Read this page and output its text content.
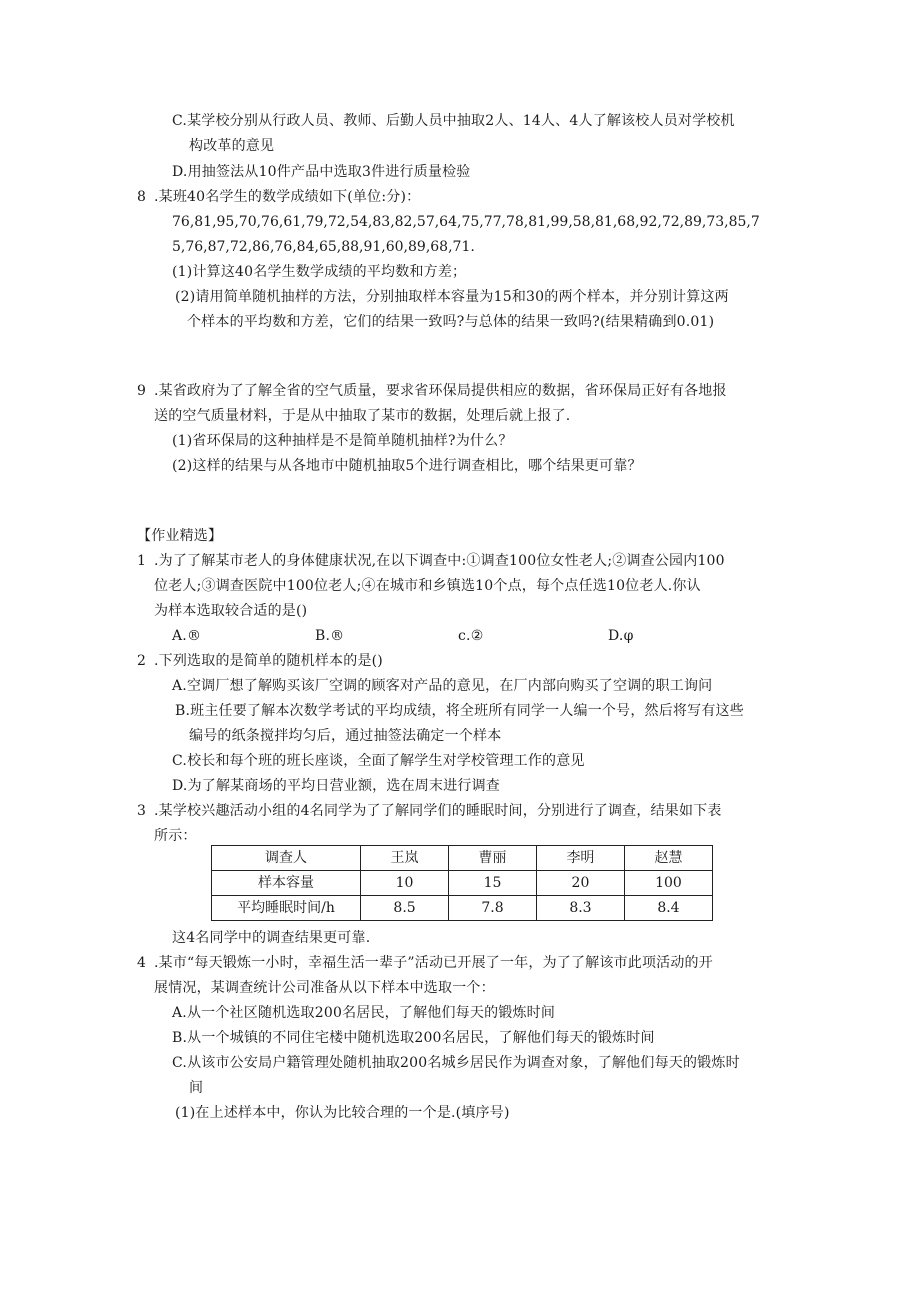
C.某学校分别从行政人员、教师、后勤人员中抽取2人、14人、4人了解该校人员对学校机
构改革的意见
D.用抽签法从10件产品中选取3件进行质量检验
8 .某班40名学生的数学成绩如下(单位:分)：
76,81,95,70,76,61,79,72,54,83,82,57,64,75,77,78,81,99,58,81,68,92,72,89,73,85,7
5,76,87,72,86,76,84,65,88,91,60,89,68,71.
(1)计算这40名学生数学成绩的平均数和方差；
(2)请用简单随机抽样的方法，分别抽取样本容量为15和30的两个样本，并分别计算这两
个样本的平均数和方差，它们的结果一致吗?与总体的结果一致吗?(结果精确到0.01)
9 .某省政府为了了解全省的空气质量，要求省环保局提供相应的数据，省环保局正好有各地报
送的空气质量材料，于是从中抽取了某市的数据，处理后就上报了.
(1)省环保局的这种抽样是不是简单随机抽样?为什么？
(2)这样的结果与从各地市中随机抽取5个进行调查相比，哪个结果更可靠？
【作业精选】
1 .为了了解某市老人的身体健康状况,在以下调查中:①调查100位女性老人;②调查公园内100
位老人;③调查医院中100位老人;④在城市和乡镇选10个点，每个点任选10位老人.你认
为样本选取较合适的是()
A.®	B.®	c.②	D.φ
2 .下列选取的是简单的随机样本的是()
A.空调厂想了解购买该厂空调的顾客对产品的意见，在厂内部向购买了空调的职工询问
B.班主任要了解本次数学考试的平均成绩，将全班所有同学一人编一个号，然后将写有这些
编号的纸条搅拌均匀后，通过抽签法确定一个样本
C.校长和每个班的班长座谈，全面了解学生对学校管理工作的意见
D.为了解某商场的平均日营业额，选在周末进行调查
3 .某学校兴趣活动小组的4名同学为了了解同学们的睡眠时间，分别进行了调查，结果如下表
所示：
调查人	王岚	曹丽	李明	赵慧
样本容量	10	15	20	100
平均睡眠时间/h	8.5	7.8	8.3	8.4
这4名同学中的调查结果更可靠.
4 .某市“每天锻炼一小时，幸福生活一辈子”活动已开展了一年，为了了解该市此项活动的开
展情况，某调查统计公司准备从以下样本中选取一个：
A.从一个社区随机选取200名居民，了解他们每天的锻炼时间
B.从一个城镇的不同住宅楼中随机选取200名居民，了解他们每天的锻炼时间
C.从该市公安局户籍管理处随机抽取200名城乡居民作为调查对象，了解他们每天的锻炼时
间
(1)在上述样本中，你认为比较合理的一个是.(填序号)
